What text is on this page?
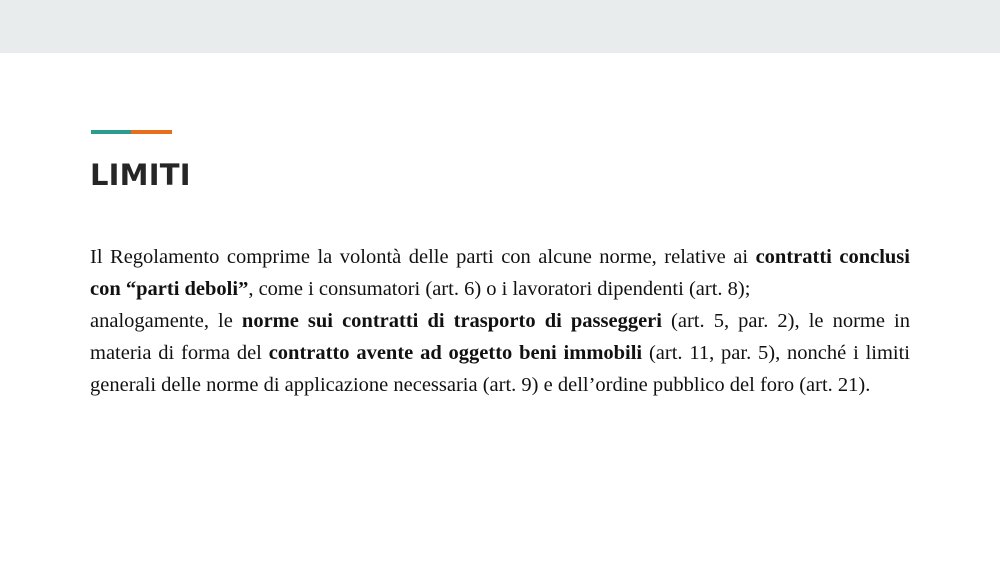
LIMITI

Il Regolamento comprime la volontà delle parti con alcune norme, relative ai contratti conclusi con “parti deboli”, come i consumatori (art. 6) o i lavoratori dipendenti (art. 8);

analogamente, le norme sui contratti di trasporto di passeggeri (art. 5, par. 2), le norme in materia di forma del contratto avente ad oggetto beni immobili (art. 11, par. 5), nonché i limiti generali delle norme di applicazione necessaria (art. 9) e dell’ordine pubblico del foro (art. 21).
